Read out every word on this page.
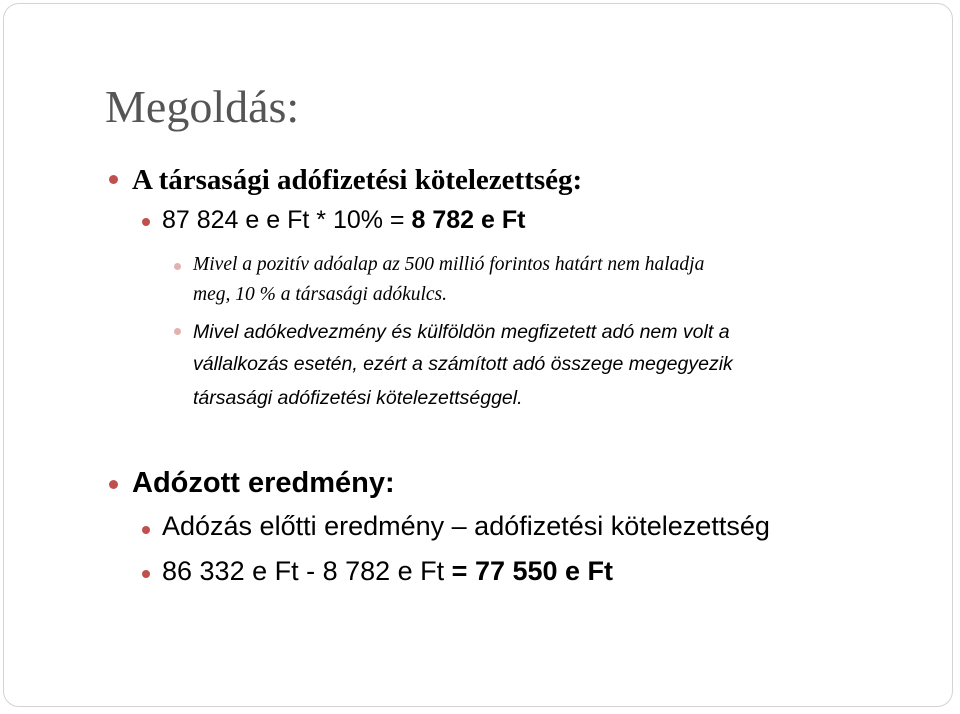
Megoldás:
A társasági adófizetési kötelezettség:
87 824 e e Ft * 10% = 8 782 e Ft
Mivel a pozitív adóalap az 500 millió forintos határt nem haladja
meg, 10 % a társasági adókulcs.
Mivel adókedvezmény és külföldön megfizetett adó nem volt a
vállalkozás esetén, ezért a számított adó összege megegyezik
társasági adófizetési kötelezettséggel.
Adózott eredmény:
Adózás előtti eredmény – adófizetési kötelezettség
86 332 e Ft - 8 782 e Ft = 77 550 e Ft
